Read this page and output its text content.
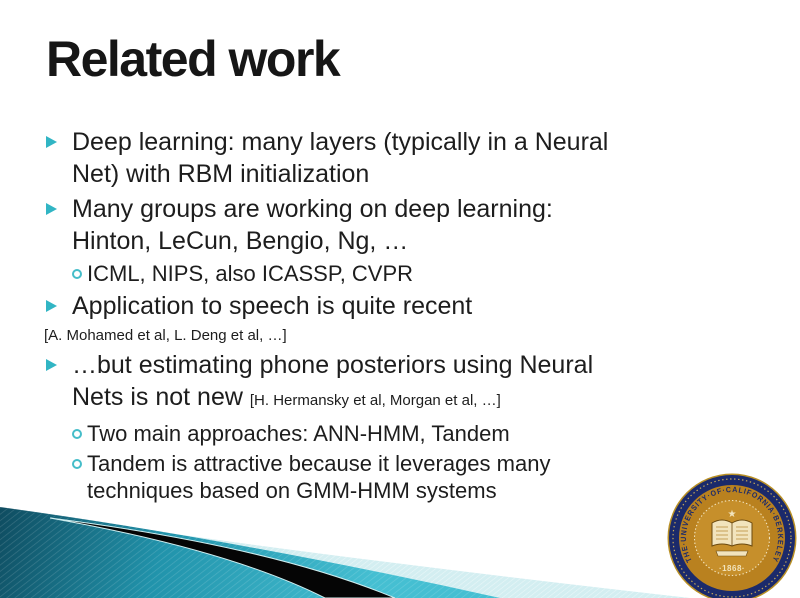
Related work
Deep learning: many layers (typically in a Neural
Net) with RBM initialization
Many groups are working on deep learning:
Hinton, LeCun, Bengio, Ng, …
ICML, NIPS, also ICASSP, CVPR
Application to speech is quite recent
[A. Mohamed et al, L. Deng et al, …]
…but estimating phone posteriors using Neural
Nets is not new [H. Hermansky et al, Morgan et al, …]
Two main approaches: ANN-HMM, Tandem
Tandem is attractive because it leverages many
techniques based on GMM-HMM systems
THE·UNIVERSITY·OF·CALIFORNIA·BERKELEY
★
·1868·
